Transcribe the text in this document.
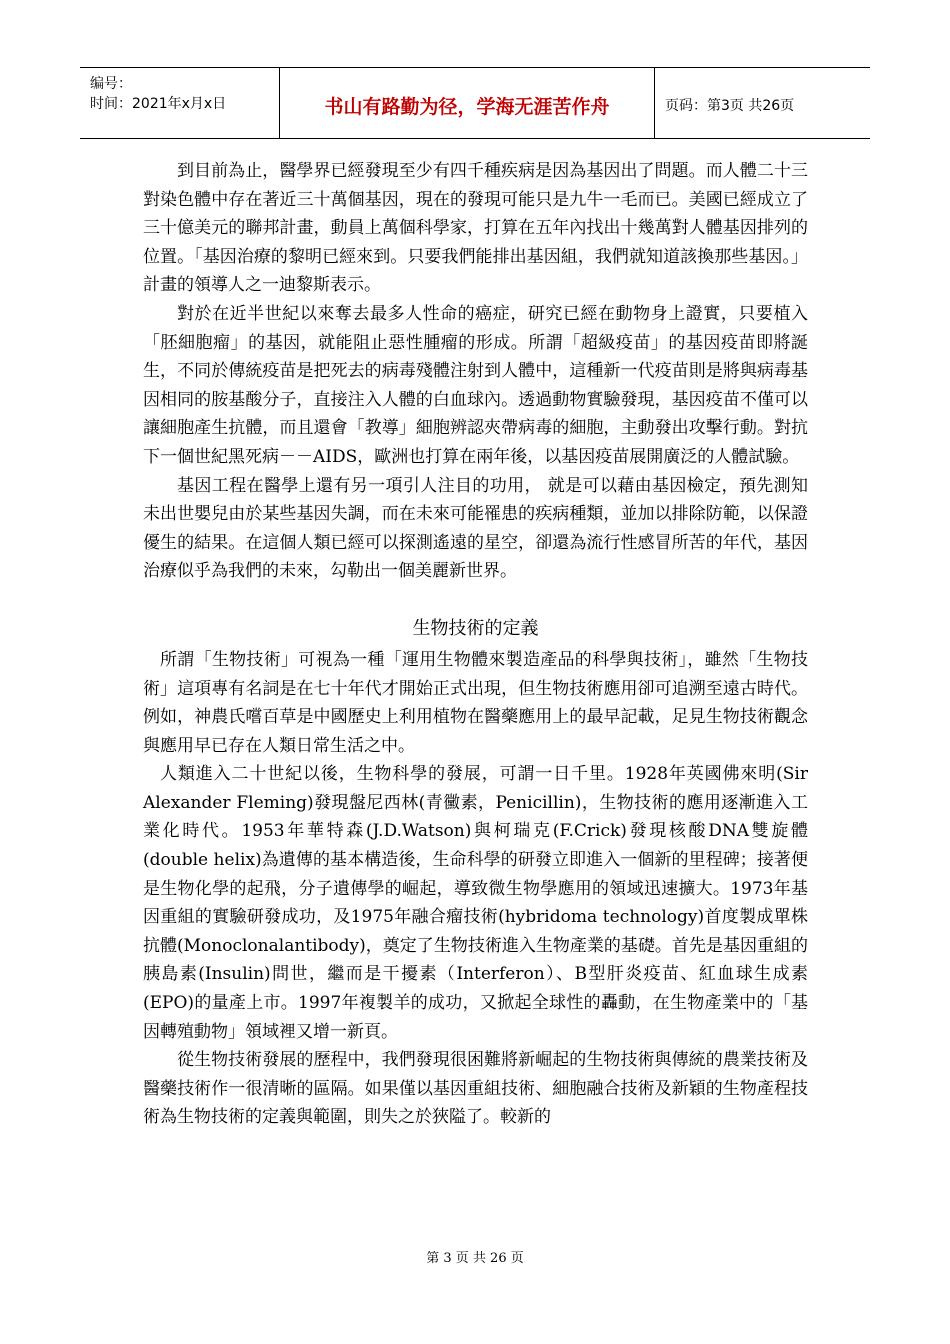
编号：
时间：2021年x月x日	书山有路勤为径，学海无涯苦作舟	页码：第3页 共26页

到目前為止，醫學界已經發現至少有四千種疾病是因為基因出了問題。而人體二十三對染色體中存在著近三十萬個基因，現在的發現可能只是九牛一毛而已。美國已經成立了三十億美元的聯邦計畫，動員上萬個科學家，打算在五年內找出十幾萬對人體基因排列的位置。「基因治療的黎明已經來到。只要我們能排出基因組，我們就知道該換那些基因。」計畫的領導人之一迪黎斯表示。

對於在近半世紀以來奪去最多人性命的癌症，研究已經在動物身上證實，只要植入「胚細胞瘤」的基因，就能阻止惡性腫瘤的形成。所謂「超級疫苗」的基因疫苗即將誕生，不同於傳統疫苗是把死去的病毒殘體注射到人體中，這種新一代疫苗則是將與病毒基因相同的胺基酸分子，直接注入人體的白血球內。透過動物實驗發現，基因疫苗不僅可以讓細胞產生抗體，而且還會「教導」細胞辨認夾帶病毒的細胞，主動發出攻擊行動。對抗下一個世紀黑死病－－AIDS，歐洲也打算在兩年後，以基因疫苗展開廣泛的人體試驗。

基因工程在醫學上還有另一項引人注目的功用， 就是可以藉由基因檢定，預先測知未出世嬰兒由於某些基因失調，而在未來可能罹患的疾病種類，並加以排除防範，以保證優生的結果。在這個人類已經可以探測遙遠的星空，卻還為流行性感冒所苦的年代，基因治療似乎為我們的未來，勾勒出一個美麗新世界。

生物技術的定義

所謂「生物技術」可視為一種「運用生物體來製造產品的科學與技術」，雖然「生物技術」這項專有名詞是在七十年代才開始正式出現，但生物技術應用卻可追溯至遠古時代。例如，神農氏嚐百草是中國歷史上利用植物在醫藥應用上的最早記載，足見生物技術觀念與應用早已存在人類日常生活之中。

人類進入二十世紀以後，生物科學的發展，可謂一日千里。1928年英國佛來明(Sir Alexander Fleming)發現盤尼西林(青黴素，Penicillin)，生物技術的應用逐漸進入工業化時代。1953年華特森(J.D.Watson)與柯瑞克(F.Crick)發現核酸DNA雙旋體(double helix)為遺傳的基本構造後，生命科學的研發立即進入一個新的里程碑；接著便是生物化學的起飛，分子遺傳學的崛起，導致微生物學應用的領域迅速擴大。1973年基因重組的實驗研發成功，及1975年融合瘤技術(hybridoma technology)首度製成單株抗體(Monoclonalantibody)，奠定了生物技術進入生物產業的基礎。首先是基因重組的胰島素(Insulin)問世，繼而是干擾素（Interferon）、B型肝炎疫苗、紅血球生成素(EPO)的量產上市。1997年複製羊的成功，又掀起全球性的轟動，在生物產業中的「基因轉殖動物」領域裡又增一新頁。

從生物技術發展的歷程中，我們發現很困難將新崛起的生物技術與傳統的農業技術及醫藥技術作一很清晰的區隔。如果僅以基因重組技術、細胞融合技術及新穎的生物產程技術為生物技術的定義與範圍，則失之於狹隘了。較新的

第 3 页 共 26 页
